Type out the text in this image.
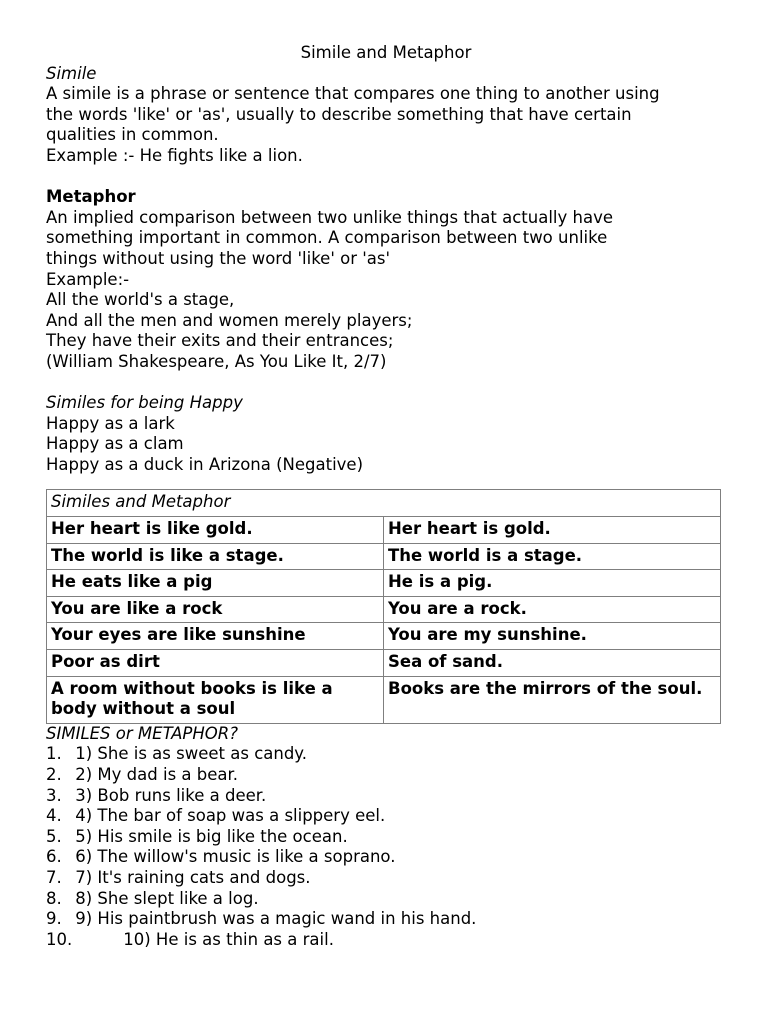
Simile and Metaphor

Simile

A simile is a phrase or sentence that compares one thing to another using

the words 'like' or 'as', usually to describe something that have certain

qualities in common.

Example :- He fights like a lion.

Metaphor

An implied comparison between two unlike things that actually have

something important in common. A comparison between two unlike

things without using the word 'like' or 'as'

Example:-

All the world's a stage,

And all the men and women merely players;

They have their exits and their entrances;

(William Shakespeare, As You Like It, 2/7)

Similes for being Happy

Happy as a lark

Happy as a clam

Happy as a duck in Arizona (Negative)

Similes and Metaphor	
Her heart is like gold.	Her heart is gold.
The world is like a stage.	The world is a stage.
He eats like a pig	He is a pig.
You are like a rock	You are a rock.
Your eyes are like sunshine	You are my sunshine.
Poor as dirt	Sea of sand.
A room without books is like a body without a soul	Books are the mirrors of the soul.

SIMILES or METAPHOR?

1. 1) She is as sweet as candy.
2. 2) My dad is a bear.
3. 3) Bob runs like a deer.
4. 4) The bar of soap was a slippery eel.
5. 5) His smile is big like the ocean.
6. 6) The willow's music is like a soprano.
7. 7) It's raining cats and dogs.
8. 8) She slept like a log.
9. 9) His paintbrush was a magic wand in his hand.
10.	10) He is as thin as a rail.
